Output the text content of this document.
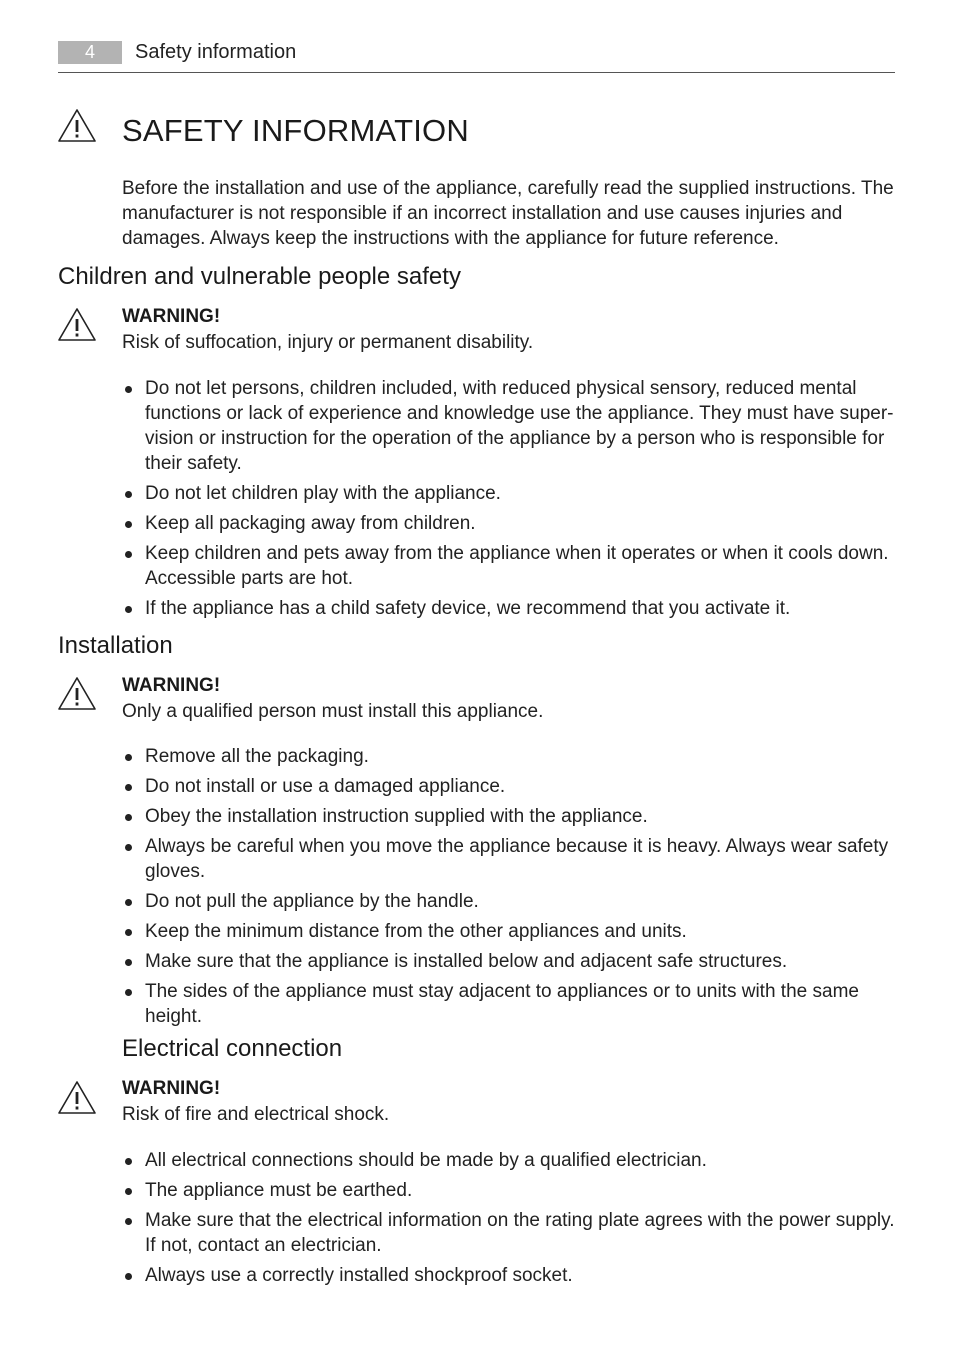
4	Safety information
SAFETY INFORMATION

Before the installation and use of the appliance, carefully read the supplied instructions. The manufacturer is not responsible if an incorrect installation and use causes injuries and damages. Always keep the instructions with the appliance for future reference.

Children and vulnerable people safety
WARNING!
Risk of suffocation, injury or permanent disability.
Do not let persons, children included, with reduced physical sensory, reduced mental functions or lack of experience and knowledge use the appliance. They must have supervision or instruction for the operation of the appliance by a person who is responsible for their safety.
Do not let children play with the appliance.
Keep all packaging away from children.
Keep children and pets away from the appliance when it operates or when it cools down. Accessible parts are hot.
If the appliance has a child safety device, we recommend that you activate it.
Installation
WARNING!
Only a qualified person must install this appliance.
Remove all the packaging.
Do not install or use a damaged appliance.
Obey the installation instruction supplied with the appliance.
Always be careful when you move the appliance because it is heavy. Always wear safety gloves.
Do not pull the appliance by the handle.
Keep the minimum distance from the other appliances and units.
Make sure that the appliance is installed below and adjacent safe structures.
The sides of the appliance must stay adjacent to appliances or to units with the same height.
Electrical connection
WARNING!
Risk of fire and electrical shock.
All electrical connections should be made by a qualified electrician.
The appliance must be earthed.
Make sure that the electrical information on the rating plate agrees with the power supply. If not, contact an electrician.
Always use a correctly installed shockproof socket.
